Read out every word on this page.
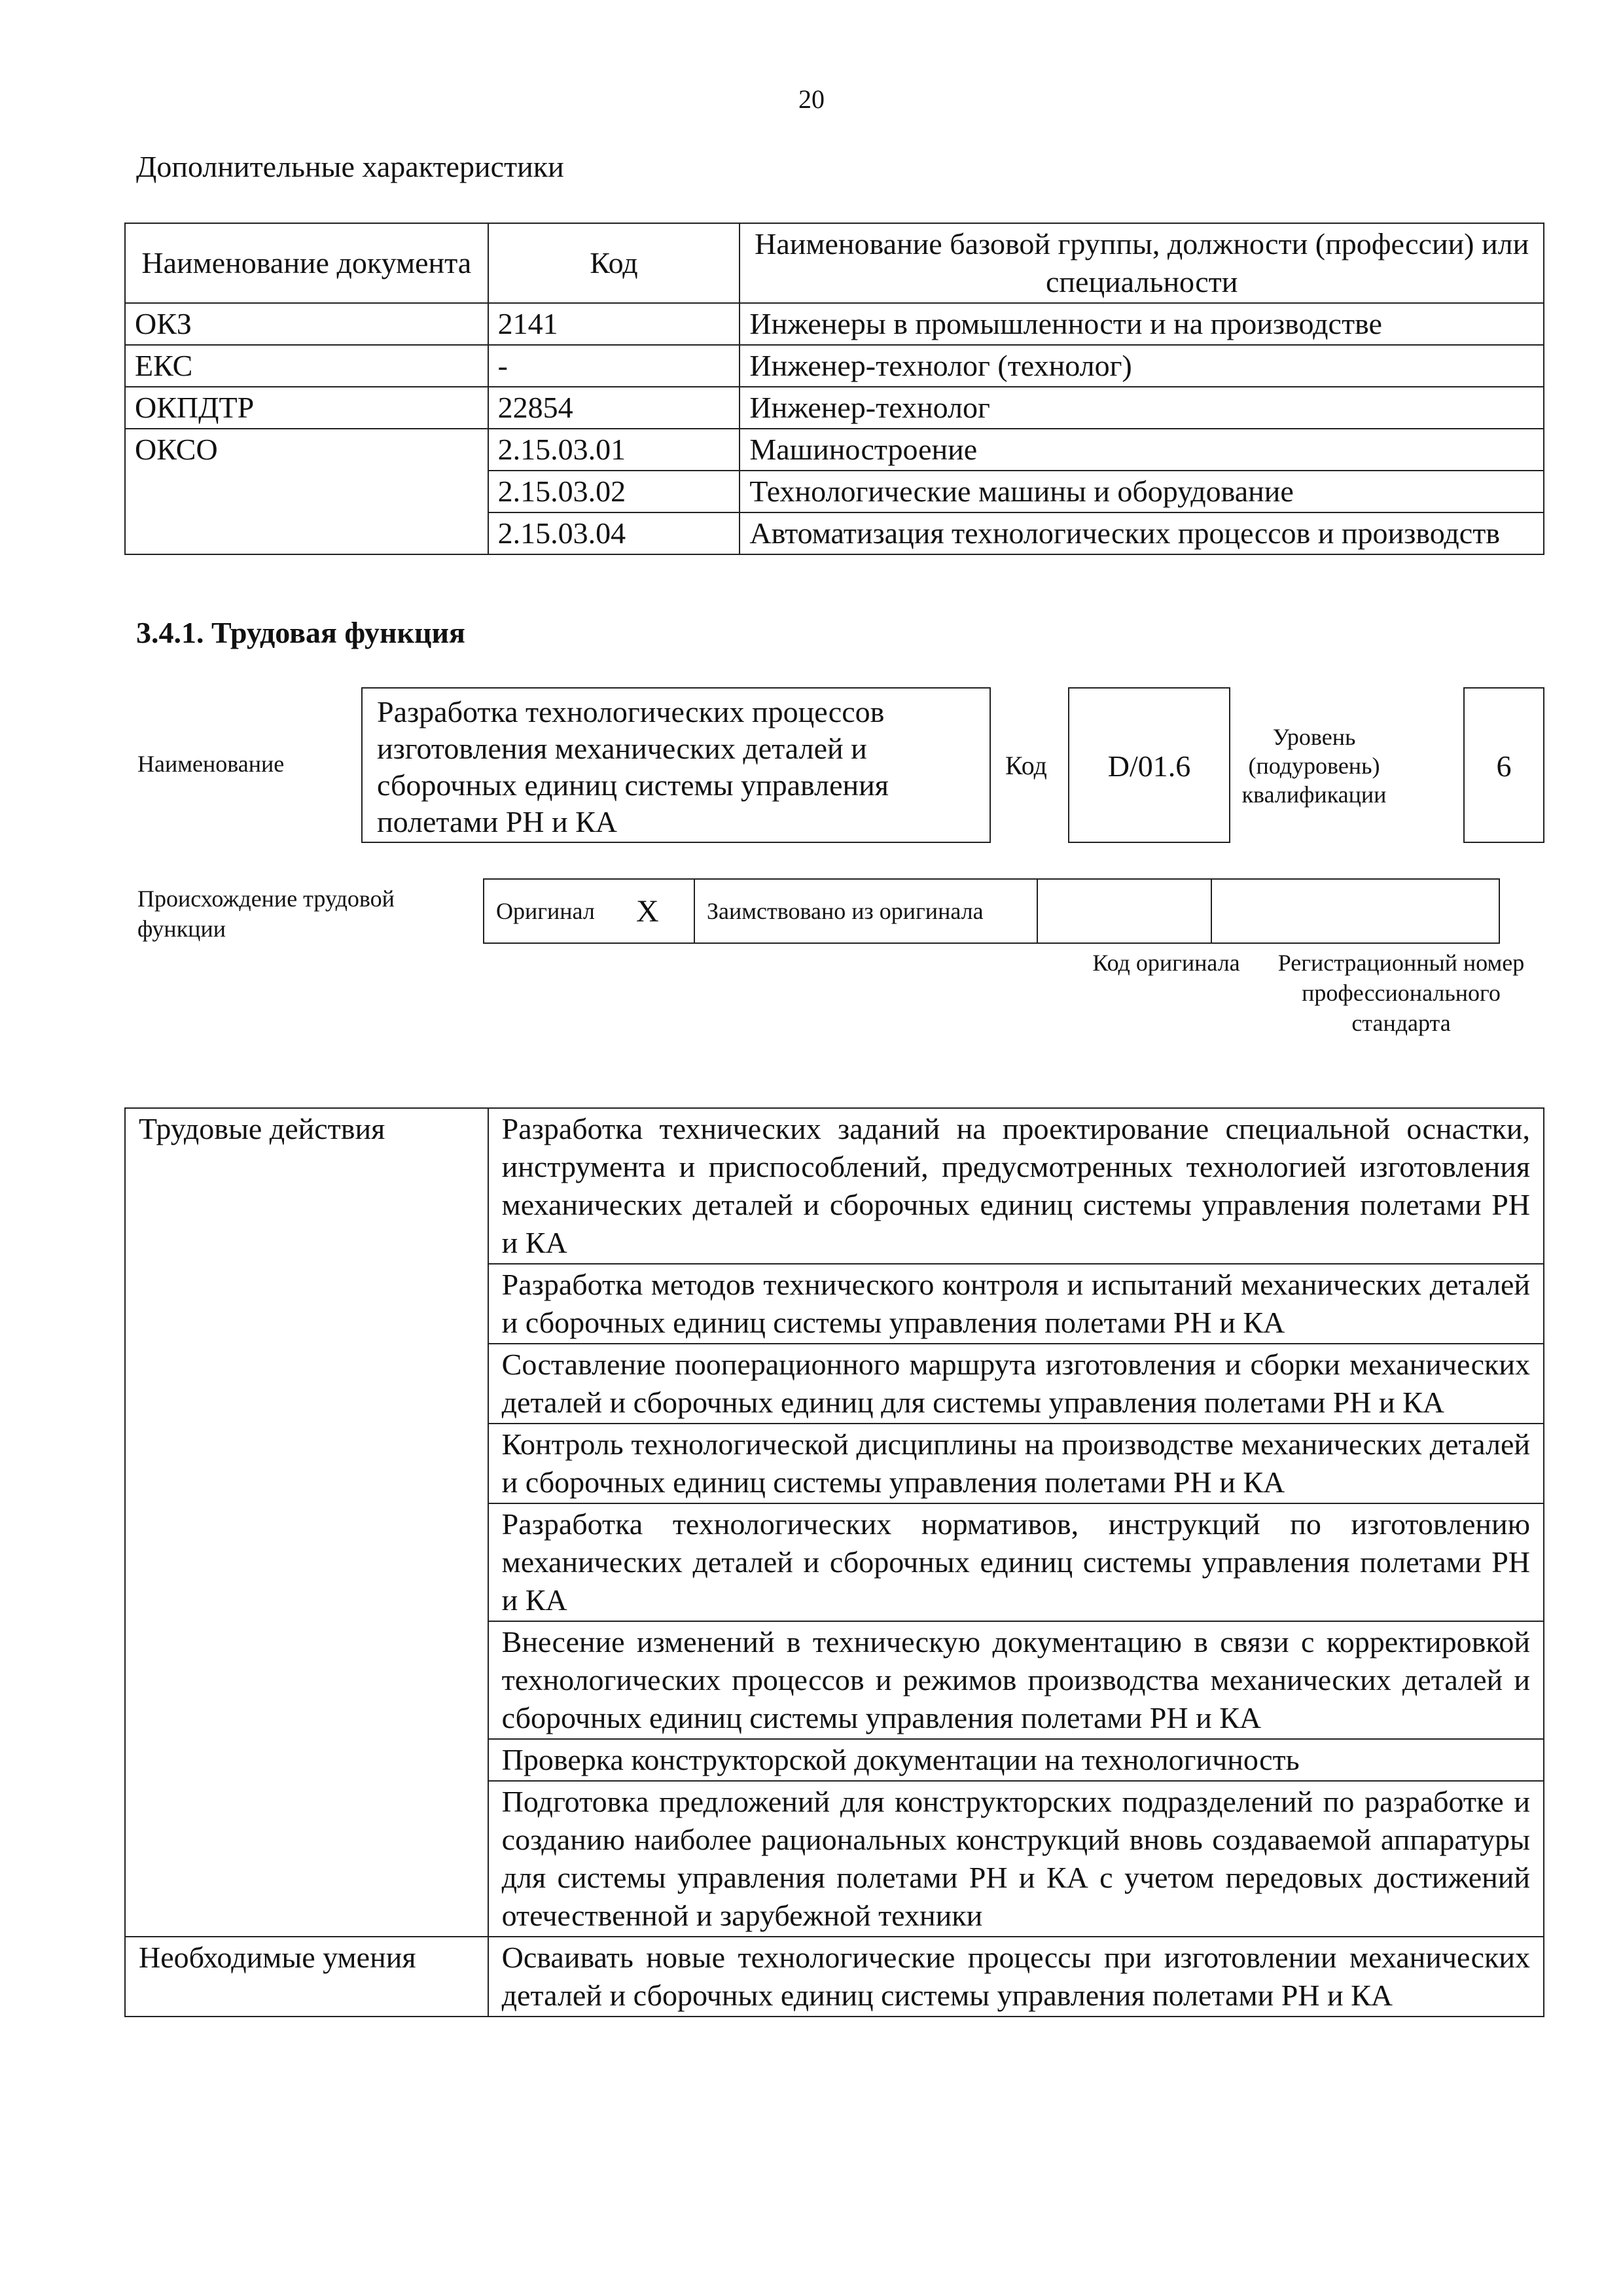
20
Дополнительные характеристики
Наименование документа	Код	Наименование базовой группы, должности (профессии) или специальности
ОКЗ	2141	Инженеры в промышленности и на производстве
ЕКС	-	Инженер-технолог (технолог)
ОКПДТР	22854	Инженер-технолог
ОКСО	2.15.03.01	Машиностроение
	2.15.03.02	Технологические машины и оборудование
	2.15.03.04	Автоматизация технологических процессов и производств
3.4.1. Трудовая функция
Наименование
Разработка технологических процессов изготовления механических деталей и сборочных единиц системы управления полетами РН и КА
Код	D/01.6
Уровень (подуровень) квалификации
6
Происхождение трудовой функции
Оригинал	X	Заимствовано из оригинала		
Код оригинала	Регистрационный номер профессионального стандарта
Трудовые действия	Разработка технических заданий на проектирование специальной оснастки, инструмента и приспособлений, предусмотренных технологией изготовления механических деталей и сборочных единиц системы управления полетами РН и КА
	Разработка методов технического контроля и испытаний механических деталей и сборочных единиц системы управления полетами РН и КА
	Составление пооперационного маршрута изготовления и сборки механических деталей и сборочных единиц для системы управления полетами РН и КА
	Контроль технологической дисциплины на производстве механических деталей и сборочных единиц системы управления полетами РН и КА
	Разработка технологических нормативов, инструкций по изготовлению механических деталей и сборочных единиц системы управления полетами РН и КА
	Внесение изменений в техническую документацию в связи с корректировкой технологических процессов и режимов производства механических деталей и сборочных единиц системы управления полетами РН и КА
	Проверка конструкторской документации на технологичность
	Подготовка предложений для конструкторских подразделений по разработке и созданию наиболее рациональных конструкций вновь создаваемой аппаратуры для системы управления полетами РН и КА с учетом передовых достижений отечественной и зарубежной техники
Необходимые умения	Осваивать новые технологические процессы при изготовлении механических деталей и сборочных единиц системы управления полетами РН и КА
